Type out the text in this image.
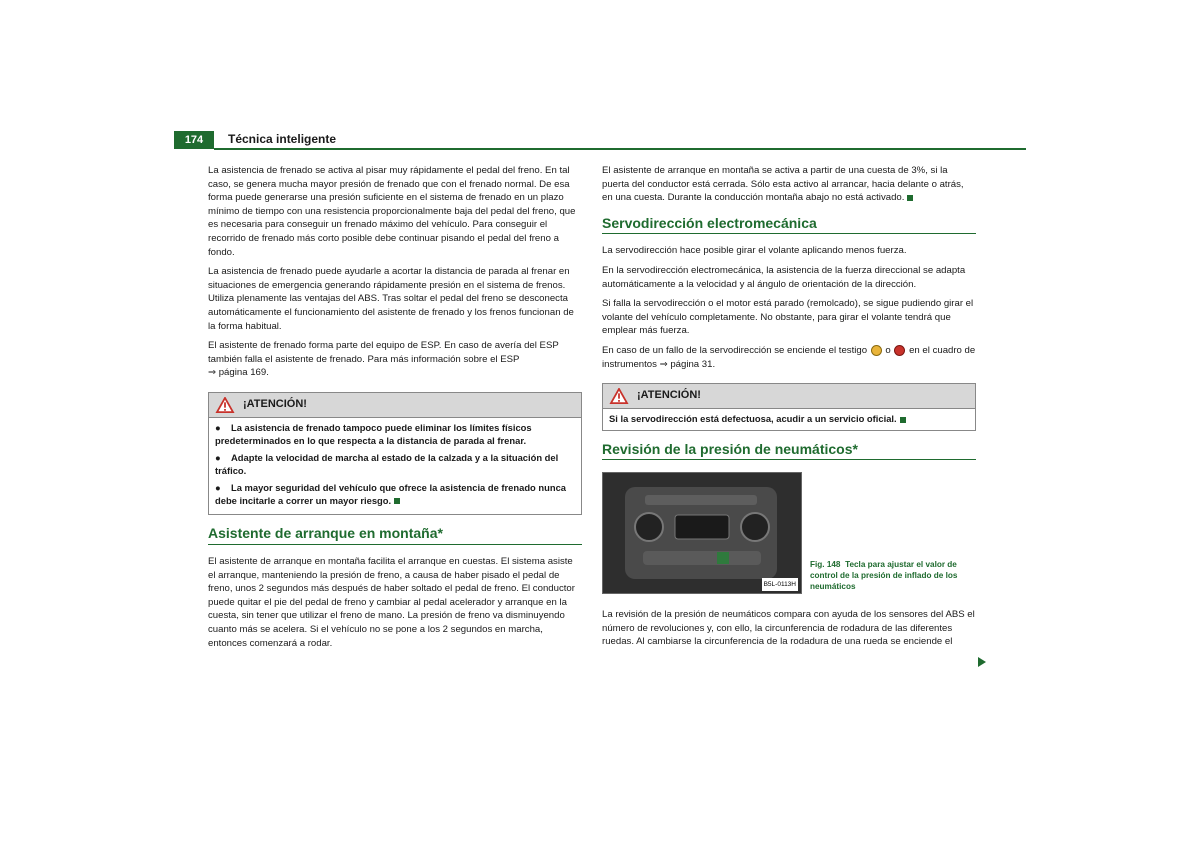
174	Técnica inteligente

La asistencia de frenado se activa al pisar muy rápidamente el pedal del freno. En tal caso, se genera mucha mayor presión de frenado que con el frenado normal. De esa forma puede generarse una presión suficiente en el sistema de frenado en un plazo mínimo de tiempo con una resistencia proporcionalmente baja del pedal del freno, que es necesaria para conseguir un frenado máximo del vehículo. Para conseguir el recorrido de frenado más corto posible debe continuar pisando el pedal del freno a fondo.

La asistencia de frenado puede ayudarle a acortar la distancia de parada al frenar en situaciones de emergencia generando rápidamente presión en el sistema de frenos. Utiliza plenamente las ventajas del ABS. Tras soltar el pedal del freno se desconecta automáticamente el funcionamiento del asistente de frenado y los frenos funcionan de la forma habitual.

El asistente de frenado forma parte del equipo de ESP. En caso de avería del ESP también falla el asistente de frenado. Para más información sobre el ESP
⇒ página 169.

¡ATENCIÓN!

● La asistencia de frenado tampoco puede eliminar los límites físicos predeterminados en lo que respecta a la distancia de parada al frenar.

● Adapte la velocidad de marcha al estado de la calzada y a la situación del tráfico.

● La mayor seguridad del vehículo que ofrece la asistencia de frenado nunca debe incitarle a correr un mayor riesgo.

Asistente de arranque en montaña*

El asistente de arranque en montaña facilita el arranque en cuestas. El sistema asiste el arranque, manteniendo la presión de freno, a causa de haber pisado el pedal de freno, unos 2 segundos más después de haber soltado el pedal de freno. El conductor puede quitar el pie del pedal de freno y cambiar al pedal acelerador y arranque en la cuesta, sin tener que utilizar el freno de mano. La presión de freno va disminuyendo cuanto más se acelera. Si el vehículo no se pone a los 2 segundos en marcha, entonces comenzará a rodar.

El asistente de arranque en montaña se activa a partir de una cuesta de 3%, si la puerta del conductor está cerrada. Sólo esta activo al arrancar, hacia delante o atrás, en una cuesta. Durante la conducción montaña abajo no está activado.

Servodirección electromecánica

La servodirección hace posible girar el volante aplicando menos fuerza.

En la servodirección electromecánica, la asistencia de la fuerza direccional se adapta automáticamente a la velocidad y al ángulo de orientación de la dirección.

Si falla la servodirección o el motor está parado (remolcado), se sigue pudiendo girar el volante del vehículo completamente. No obstante, para girar el volante tendrá que emplear más fuerza.

En caso de un fallo de la servodirección se enciende el testigo o en el cuadro de instrumentos ⇒ página 31.

¡ATENCIÓN!
Si la servodirección está defectuosa, acudir a un servicio oficial.
Revisión de la presión de neumáticos*
B5L-0113H
Fig. 148 Tecla para ajustar el valor de control de la presión de inflado de los neumáticos

La revisión de la presión de neumáticos compara con ayuda de los sensores del ABS el número de revoluciones y, con ello, la circunferencia de rodadura de las diferentes ruedas. Al cambiarse la circunferencia de la rodadura de una rueda se enciende el
